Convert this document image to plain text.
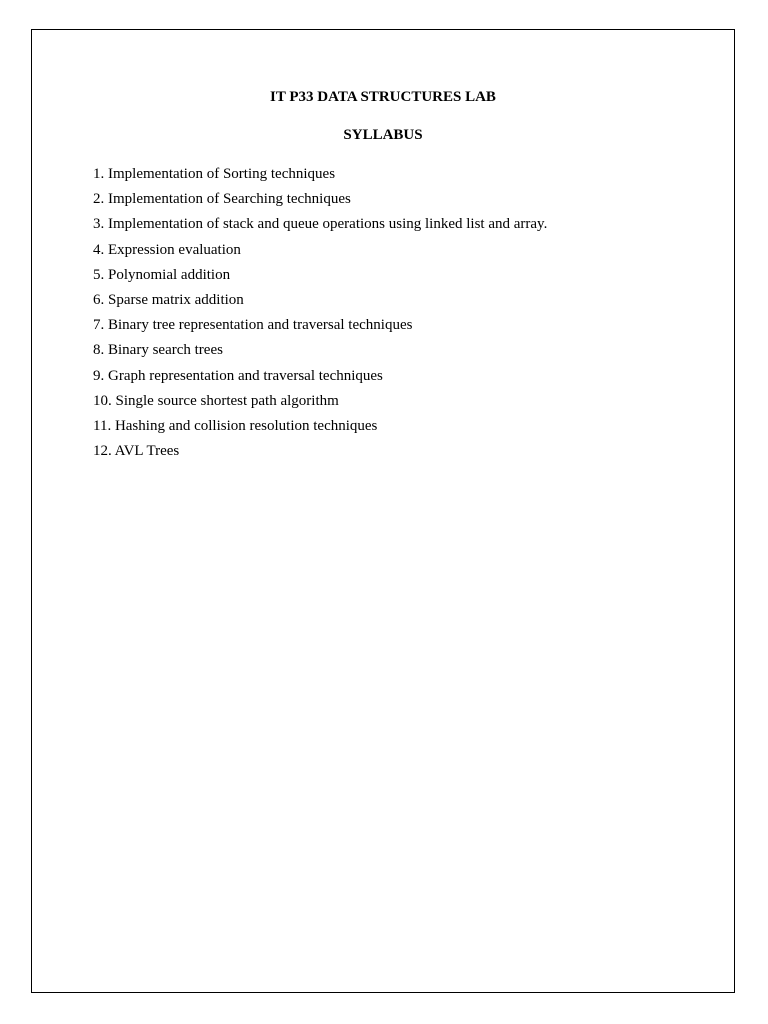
IT P33 DATA STRUCTURES LAB
SYLLABUS
1. Implementation of Sorting techniques
2. Implementation of Searching techniques
3. Implementation of stack and queue operations using linked list and array.
4. Expression evaluation
5. Polynomial addition
6. Sparse matrix addition
7. Binary tree representation and traversal techniques
8. Binary search trees
9. Graph representation and traversal techniques
10. Single source shortest path algorithm
11. Hashing and collision resolution techniques
12. AVL Trees
